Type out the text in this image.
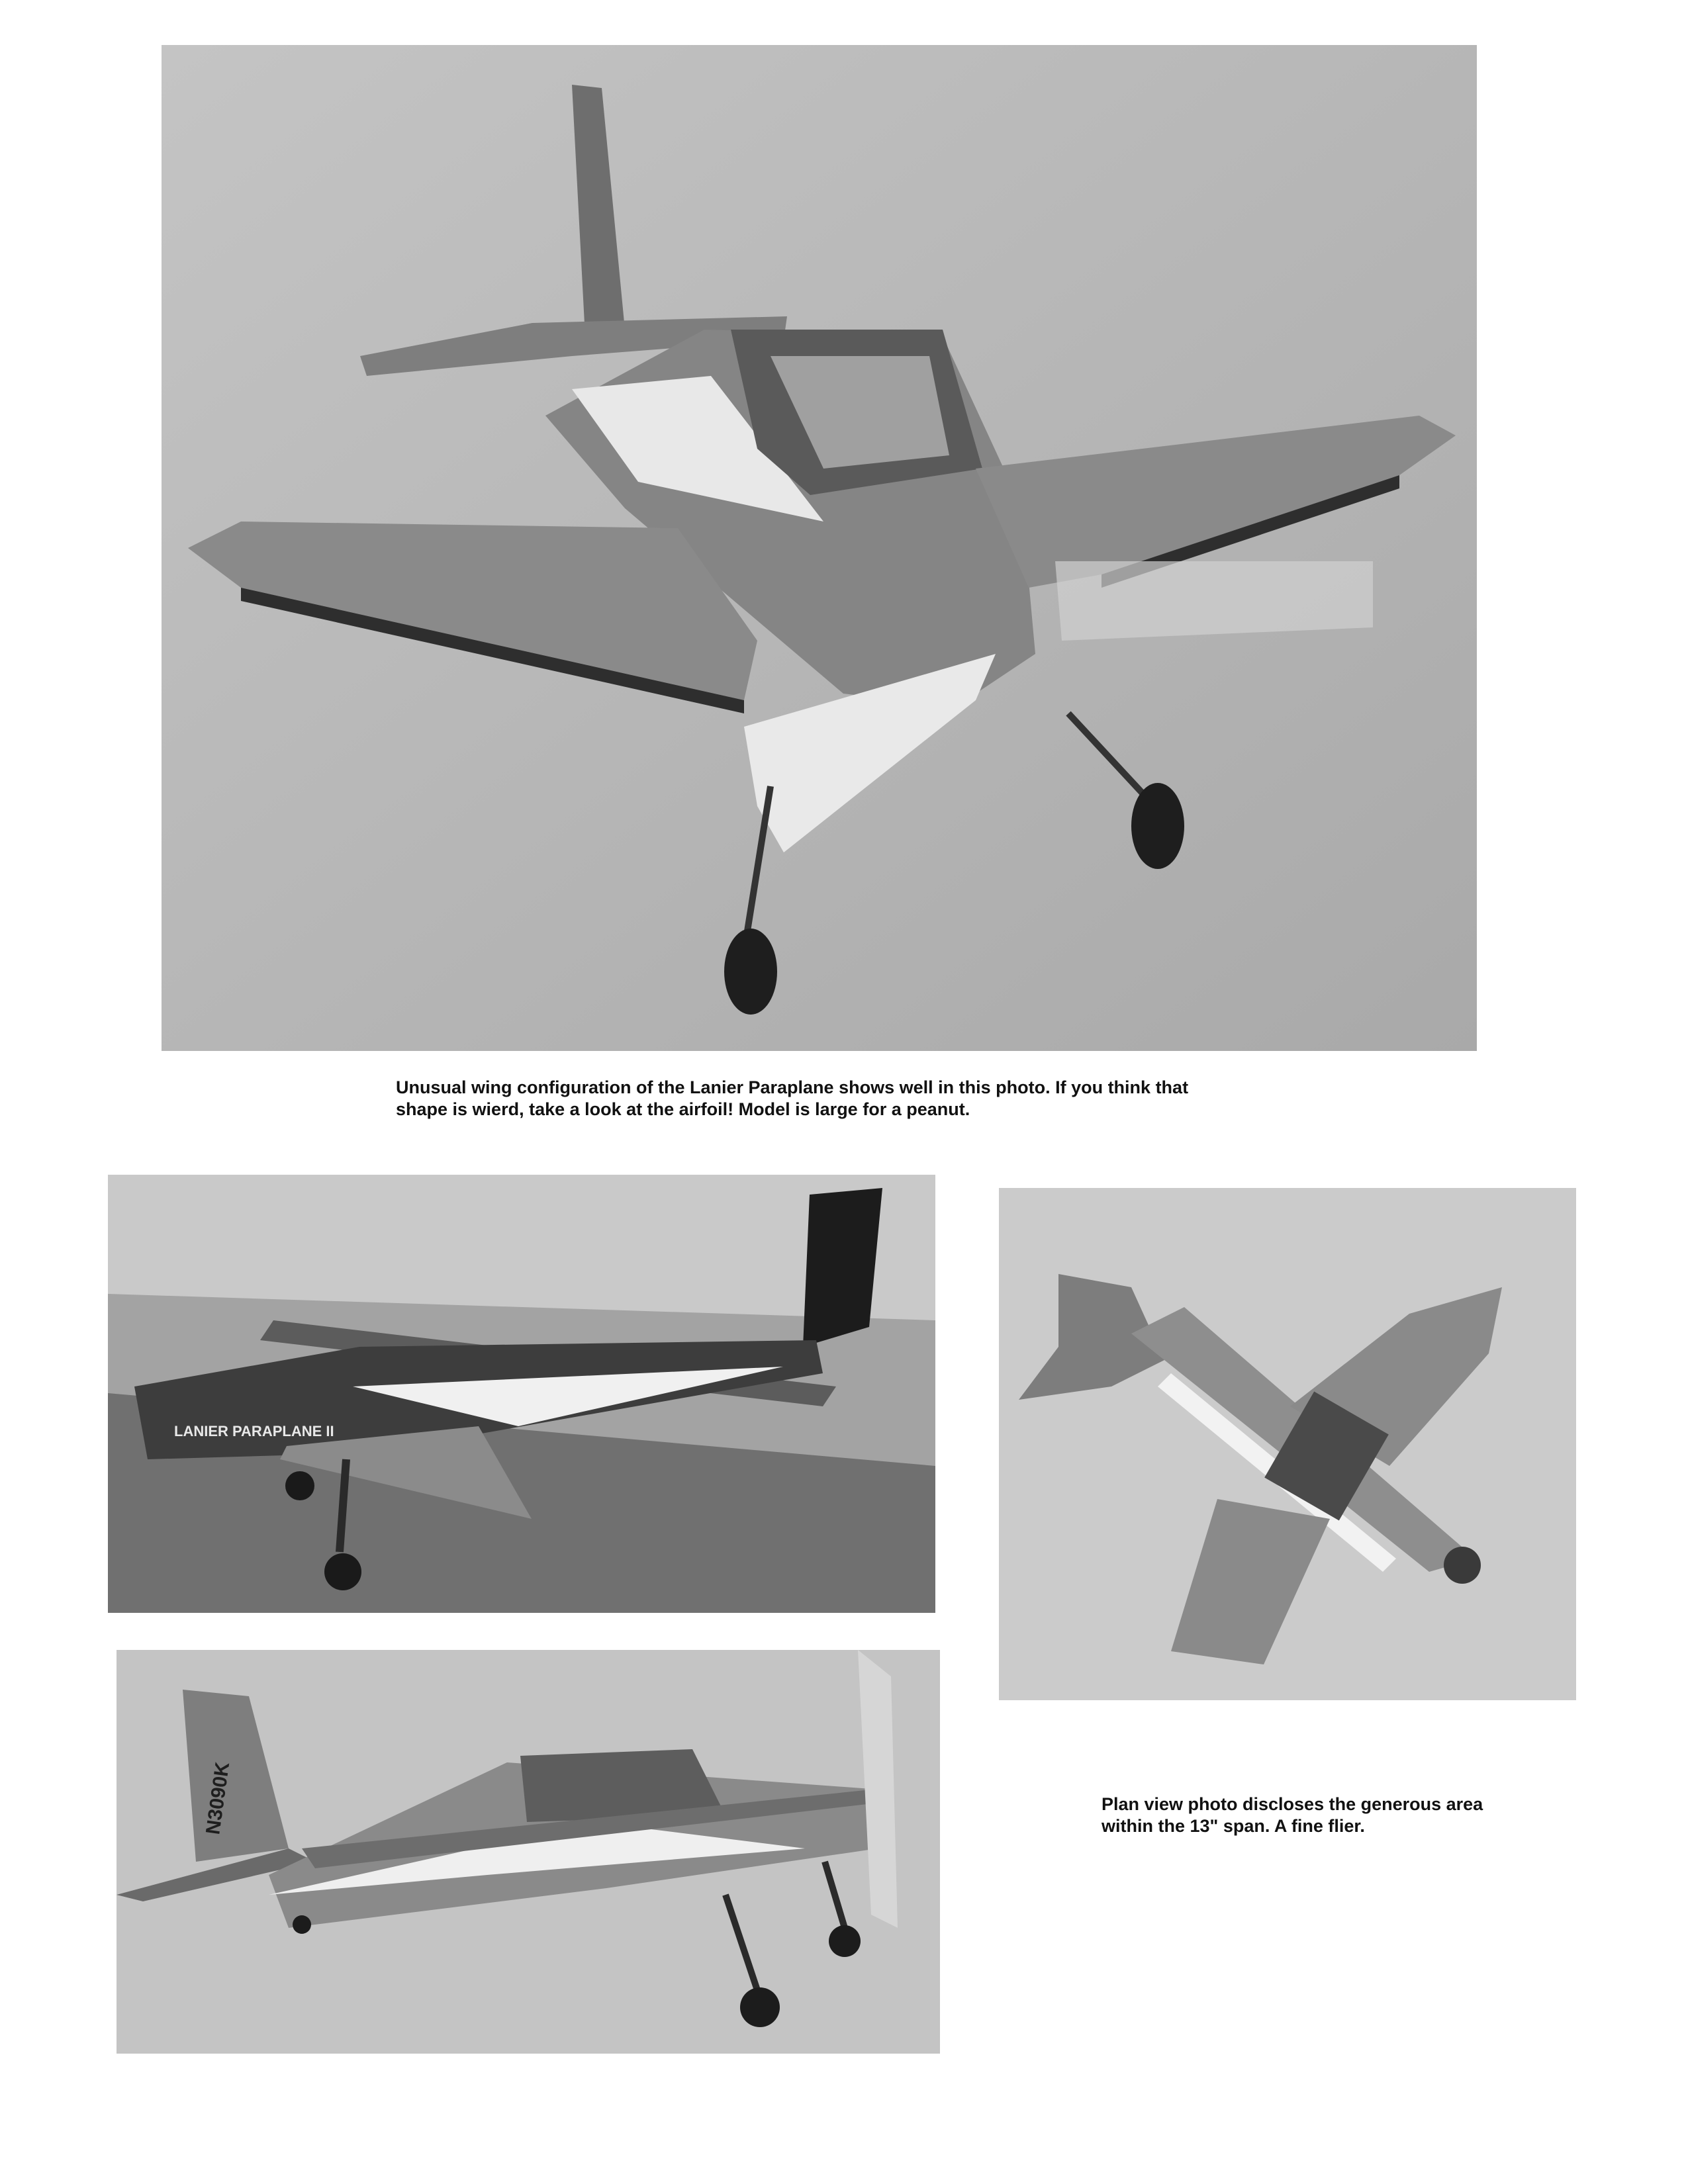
Unusual wing configuration of the Lanier Paraplane shows well in this photo. If you think that
shape is wierd, take a look at the airfoil! Model is large for a peanut.
LANIER PARAPLANE II
N3090K	Plan view photo discloses the generous area
within the 13" span. A fine flier.
